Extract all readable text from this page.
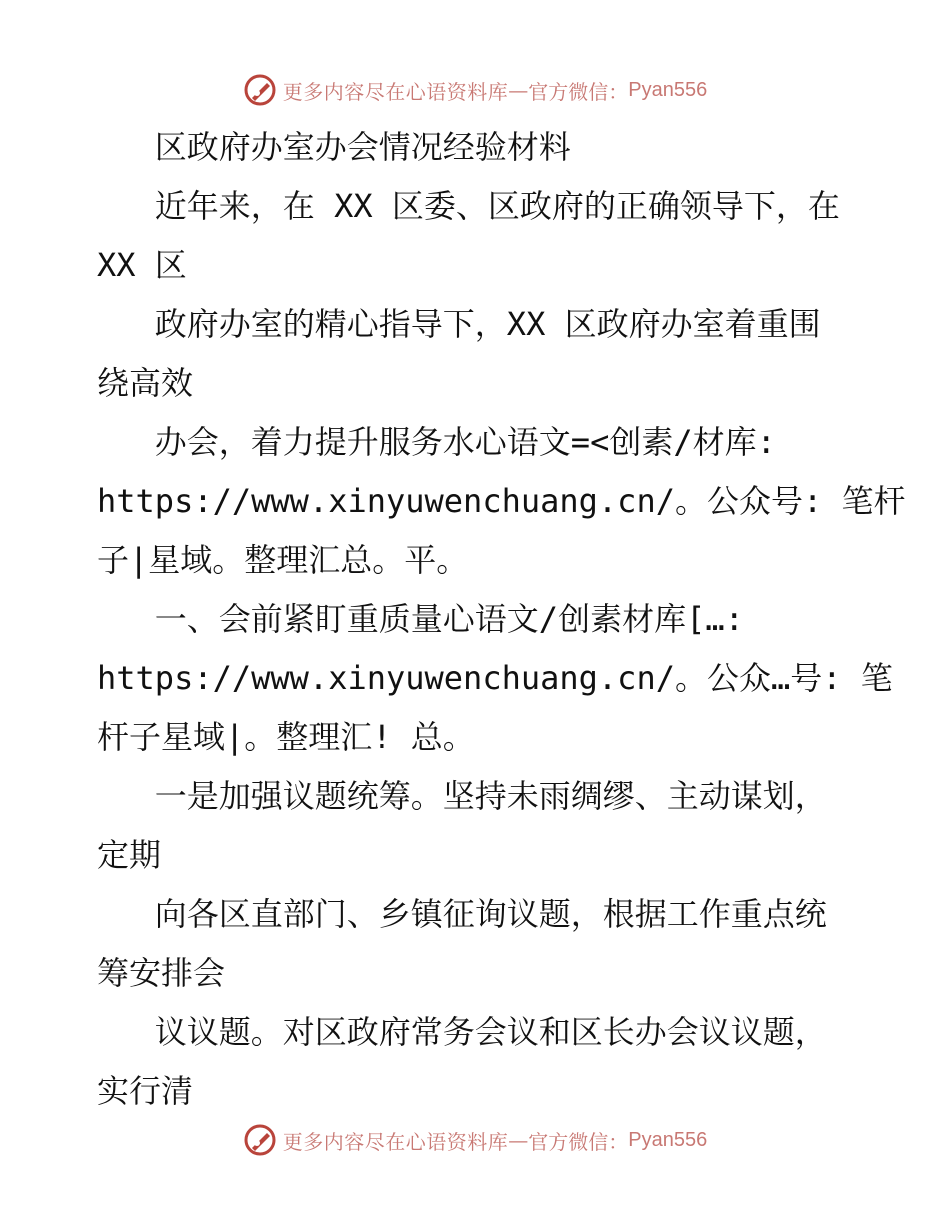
更多内容尽在心语资料库 — 官方微信： Pyan556
区政府办室办会情况经验材料
近年来，在 XX 区委、区政府的正确领导下，在
XX 区
政府办室的精心指导下，XX 区政府办室着重围
绕高效
办会，着力提升服务水心语文=<创素/材库:
https://www.xinyuwenchuang.cn/。公众号: 笔杆
子|星域。整理汇总。平。
一、会前紧盯重质量心语文/创素材库[…:
https://www.xinyuwenchuang.cn/。公众…号: 笔
杆子星域|。整理汇! 总。
一是加强议题统筹。坚持未雨绸缪、主动谋划，
定期
向各区直部门、乡镇征询议题，根据工作重点统
筹安排会
议议题。对区政府常务会议和区长办会议议题，
实行清
更多内容尽在心语资料库 — 官方微信： Pyan556
